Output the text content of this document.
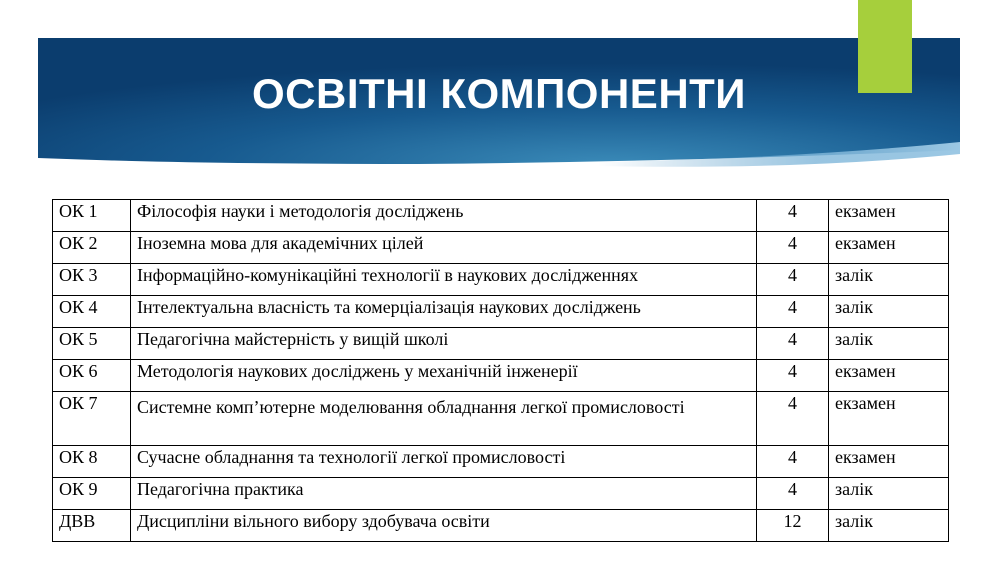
ОСВІТНІ КОМПОНЕНТИ
ОК 1	Філософія науки і методологія досліджень	4	екзамен
ОК 2	Іноземна мова для академічних цілей	4	екзамен
ОК 3	Інформаційно-комунікаційні технології в наукових дослідженнях	4	залік
ОК 4	Інтелектуальна власність та комерціалізація наукових досліджень	4	залік
ОК 5	Педагогічна майстерність у вищій школі	4	залік
ОК 6	Методологія наукових досліджень у механічній інженерії	4	екзамен
ОК 7	Системне комп’ютерне моделювання обладнання легкої промисловості	4	екзамен
ОК 8	Сучасне обладнання та технології легкої промисловості	4	екзамен
ОК 9	Педагогічна практика	4	залік
ДВВ	Дисципліни вільного вибору здобувача освіти	12	залік
